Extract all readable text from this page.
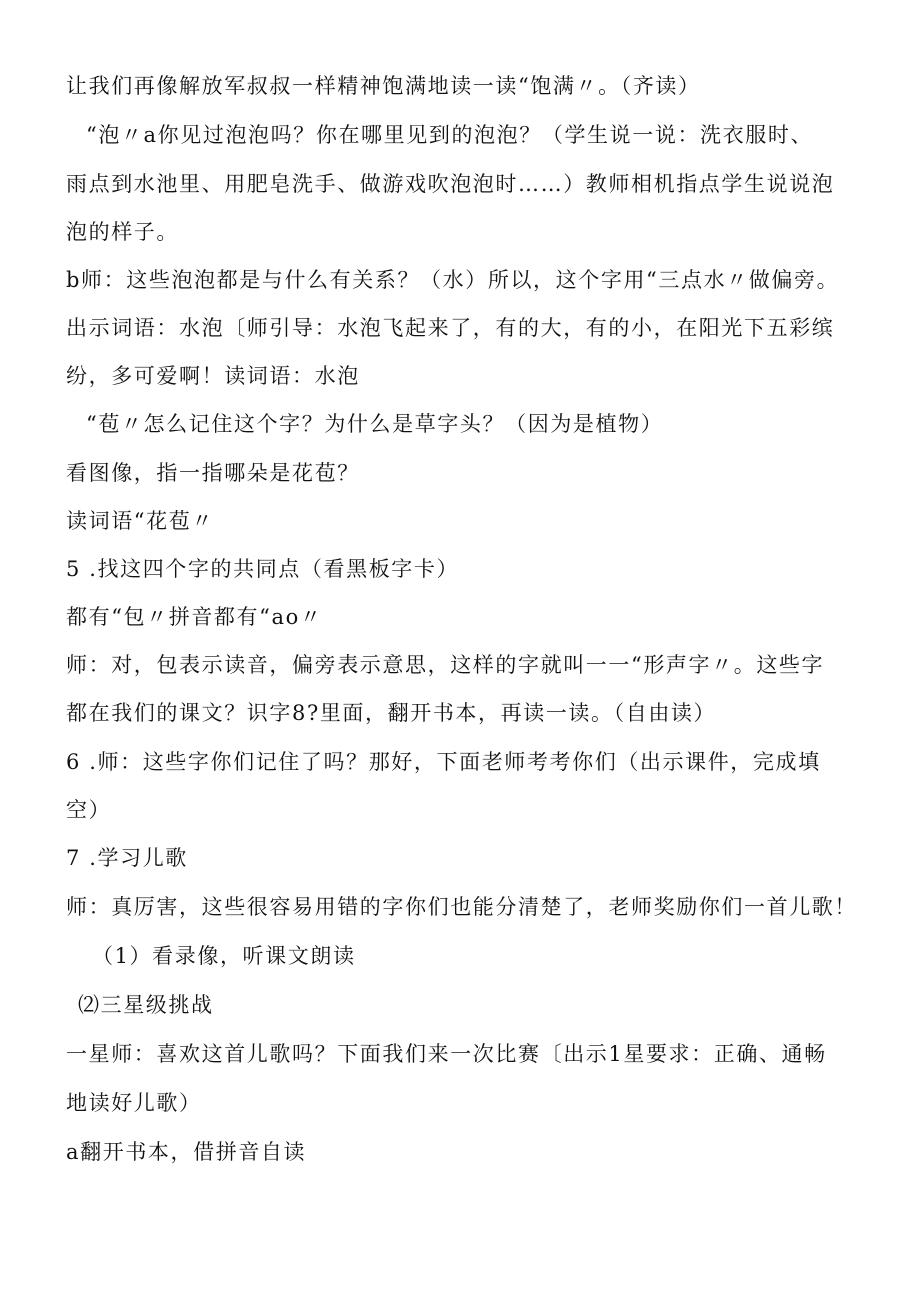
让我们再像解放军叔叔一样精神饱满地读一读“饱满〃。（齐读）
“泡〃a你见过泡泡吗？你在哪里见到的泡泡？（学生说一说：洗衣服时、
雨点到水池里、用肥皂洗手、做游戏吹泡泡时……）教师相机指点学生说说泡
泡的样子。
b师：这些泡泡都是与什么有关系？（水）所以，这个字用“三点水〃做偏旁。
出示词语：水泡〔师引导：水泡飞起来了，有的大，有的小，在阳光下五彩缤
纷，多可爱啊！读词语：水泡
“苞〃怎么记住这个字？为什么是草字头？（因为是植物）
看图像，指一指哪朵是花苞？
读词语“花苞〃
5 .找这四个字的共同点（看黑板字卡）
都有“包〃拼音都有“ao〃
师：对，包表示读音，偏旁表示意思，这样的字就叫一一“形声字〃。这些字
都在我们的课文？识字8?里面，翻开书本，再读一读。（自由读）
6 .师：这些字你们记住了吗？那好，下面老师考考你们（出示课件，完成填
空）
7 .学习儿歌
师：真厉害，这些很容易用错的字你们也能分清楚了，老师奖励你们一首儿歌！
（1）看录像，听课文朗读
⑵三星级挑战
一星师：喜欢这首儿歌吗？下面我们来一次比赛〔出示1星要求：正确、通畅
地读好儿歌）
a翻开书本，借拼音自读
